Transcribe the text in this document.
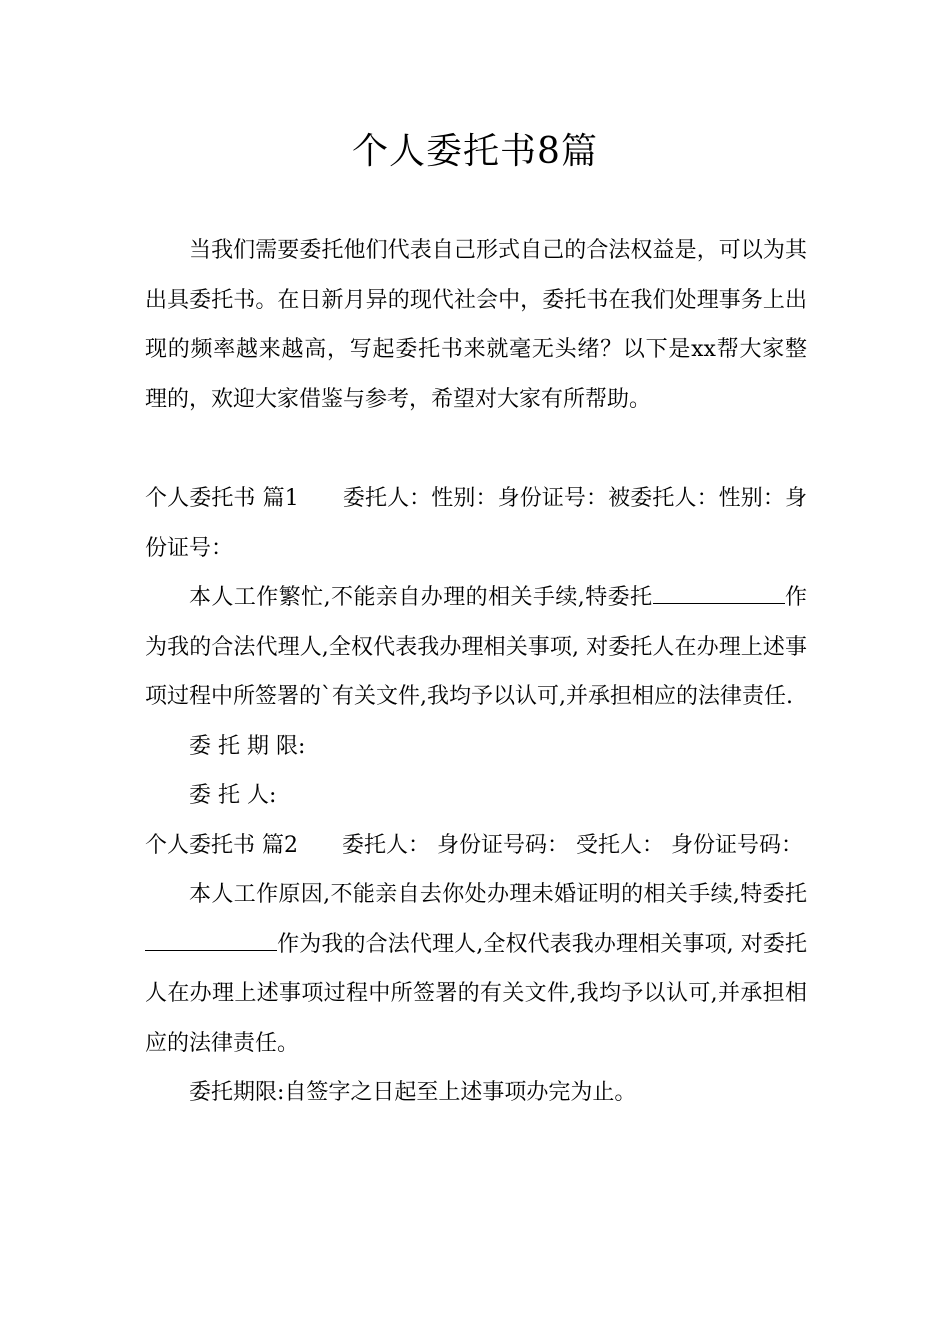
个人委托书8篇

当我们需要委托他们代表自己形式自己的合法权益是，可以为其出具委托书。在日新月异的现代社会中，委托书在我们处理事务上出现的频率越来越高，写起委托书来就毫无头绪？以下是xx帮大家整理的，欢迎大家借鉴与参考，希望对大家有所帮助。

个人委托书 篇1 委托人：性别：身份证号：被委托人：性别：身份证号：

本人工作繁忙,不能亲自办理的相关手续,特委托	作为我的合法代理人,全权代表我办理相关事项, 对委托人在办理上述事项过程中所签署的`有关文件,我均予以认可,并承担相应的法律责任.

委 托 期 限:

委 托 人:

个人委托书 篇2 委托人： 身份证号码： 受托人： 身份证号码：

本人工作原因,不能亲自去你处办理未婚证明的相关手续,特委托作为我的合法代理人,全权代表我办理相关事项, 对委托人在办理上述事项过程中所签署的有关文件,我均予以认可,并承担相应的法律责任。

委托期限:自签字之日起至上述事项办完为止。
